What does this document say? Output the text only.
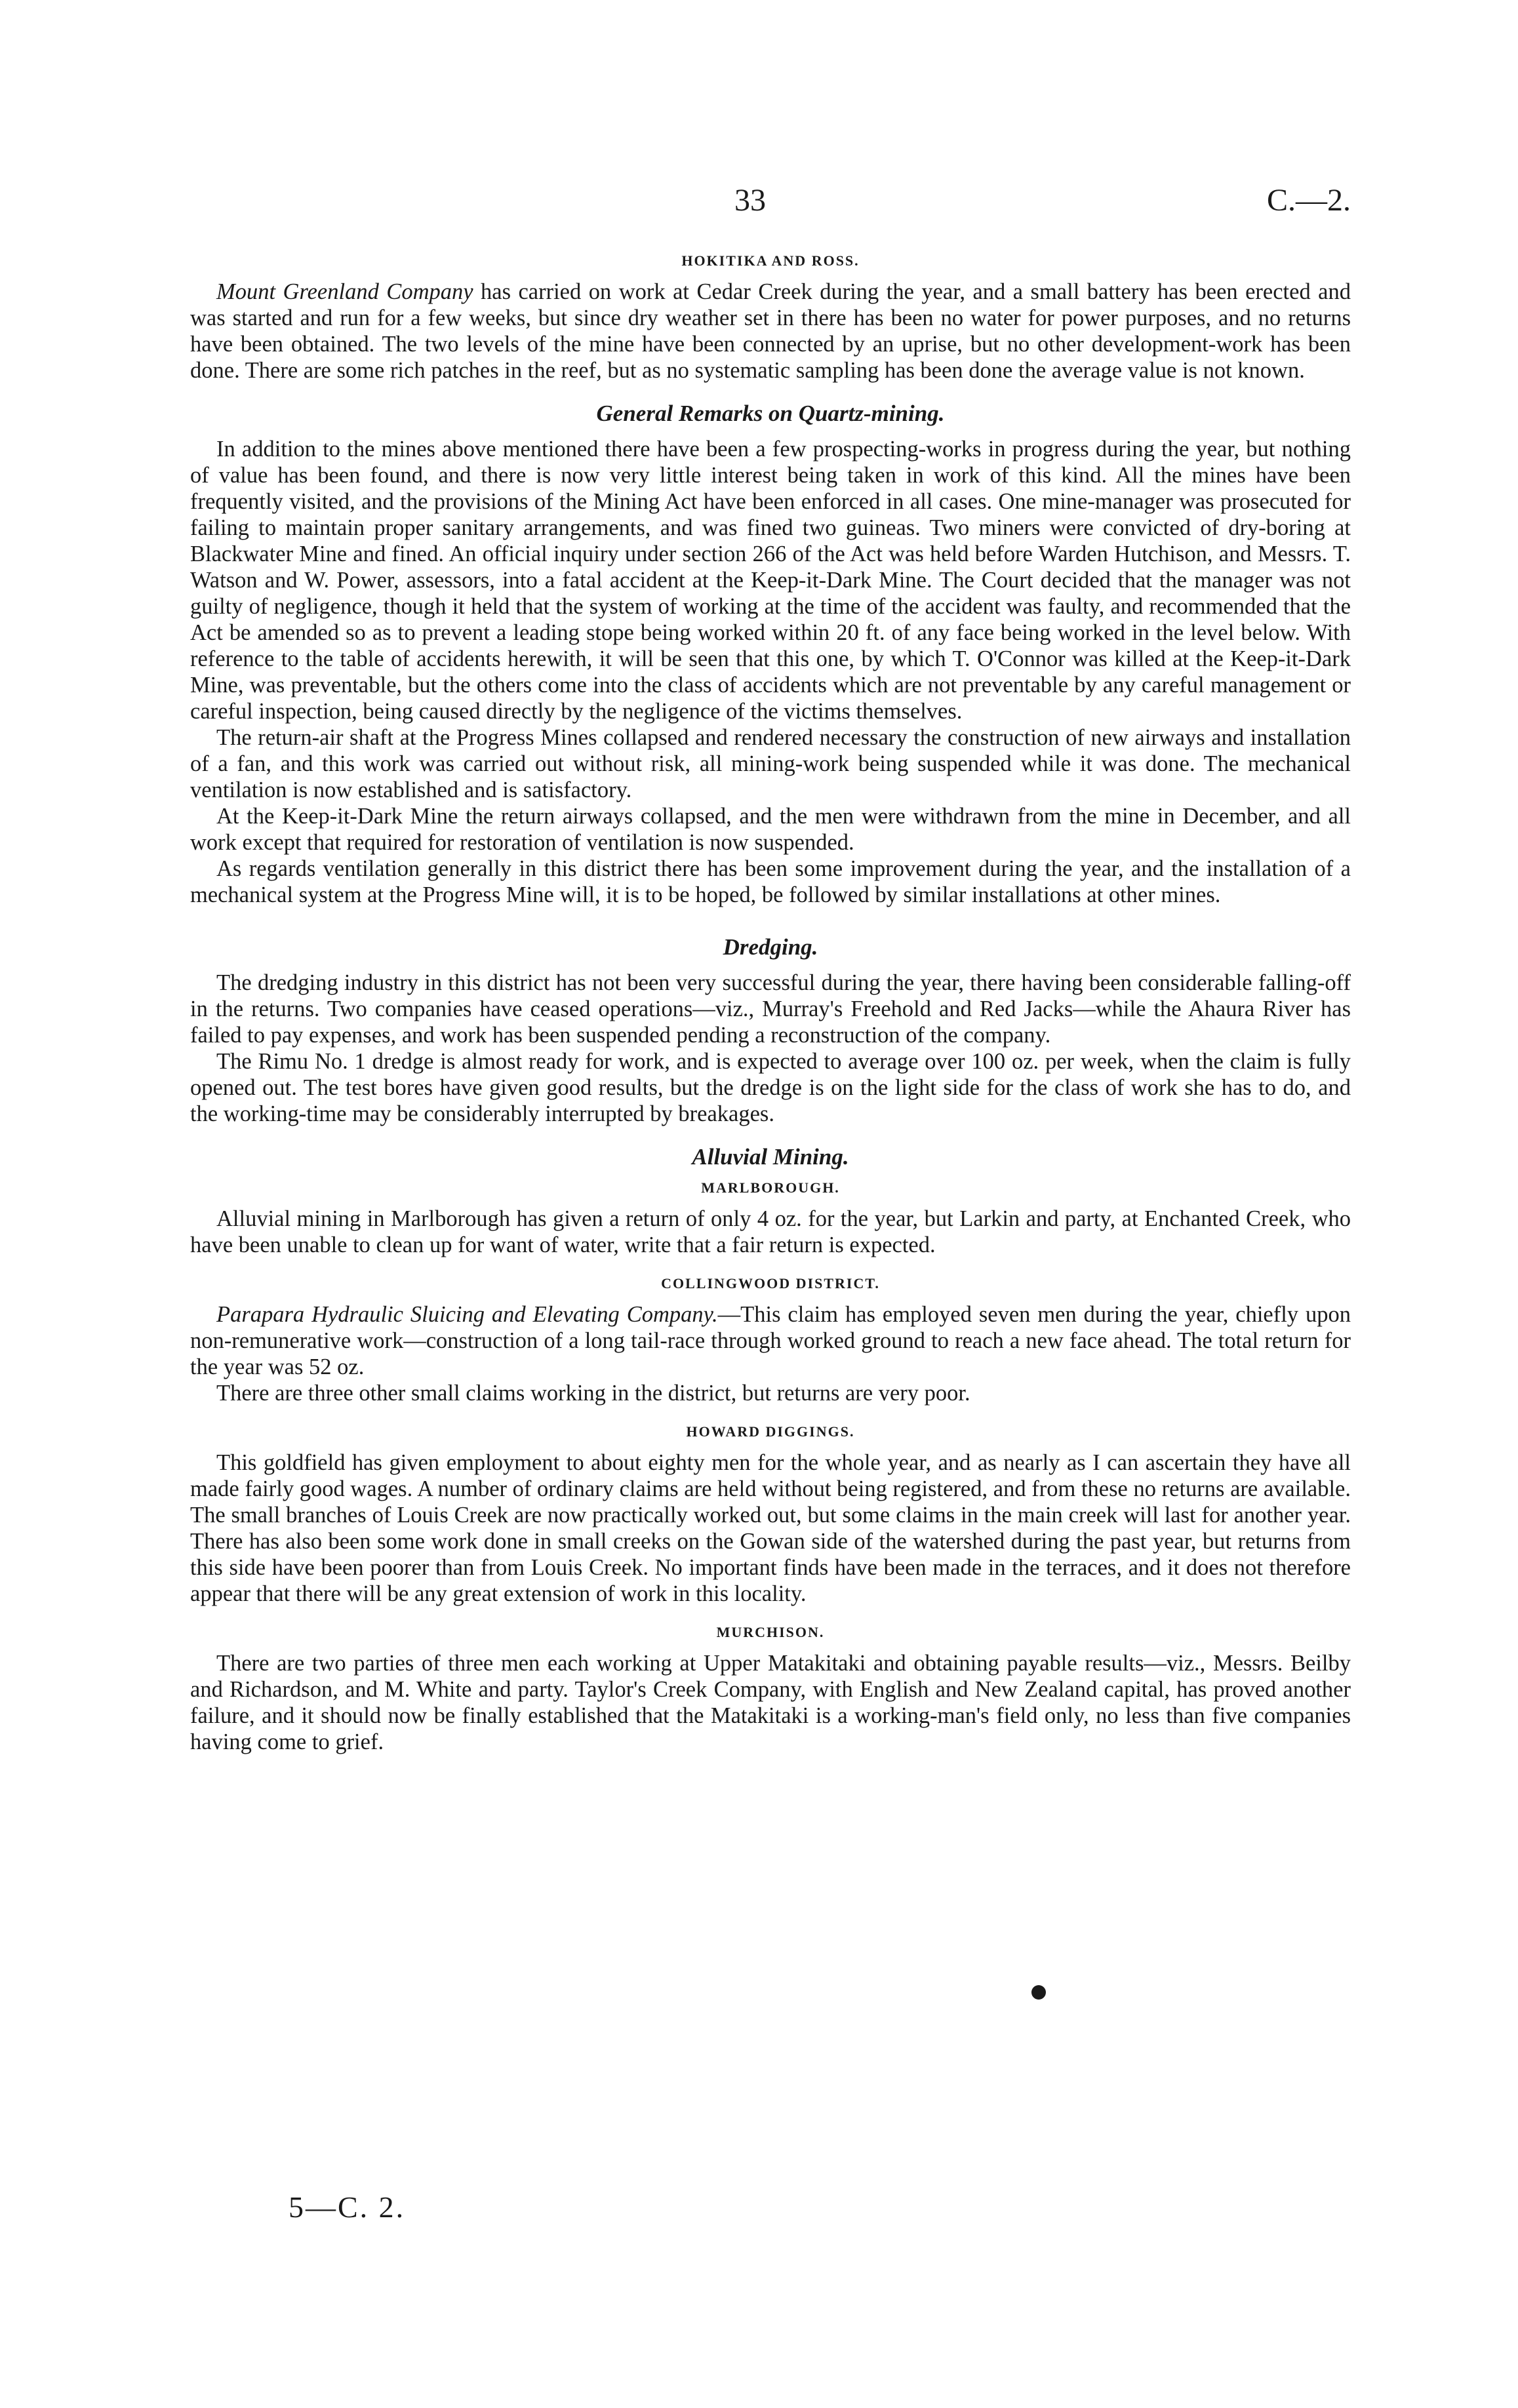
33	C.—2.
HOKITIKA AND ROSS.

Mount Greenland Company has carried on work at Cedar Creek during the year, and a small battery has been erected and was started and run for a few weeks, but since dry weather set in there has been no water for power purposes, and no returns have been obtained. The two levels of the mine have been connected by an uprise, but no other development-work has been done. There are some rich patches in the reef, but as no systematic sampling has been done the average value is not known.

General Remarks on Quartz-mining.

In addition to the mines above mentioned there have been a few prospecting-works in progress during the year, but nothing of value has been found, and there is now very little interest being taken in work of this kind. All the mines have been frequently visited, and the provisions of the Mining Act have been enforced in all cases. One mine-manager was prosecuted for failing to maintain proper sanitary arrangements, and was fined two guineas. Two miners were convicted of dry-boring at Blackwater Mine and fined. An official inquiry under section 266 of the Act was held before Warden Hutchison, and Messrs. T. Watson and W. Power, assessors, into a fatal accident at the Keep-it-Dark Mine. The Court decided that the manager was not guilty of negligence, though it held that the system of working at the time of the accident was faulty, and recommended that the Act be amended so as to prevent a leading stope being worked within 20 ft. of any face being worked in the level below. With reference to the table of accidents herewith, it will be seen that this one, by which T. O'Connor was killed at the Keep-it-Dark Mine, was preventable, but the others come into the class of accidents which are not preventable by any careful management or careful inspection, being caused directly by the negligence of the victims themselves.

The return-air shaft at the Progress Mines collapsed and rendered necessary the construction of new airways and installation of a fan, and this work was carried out without risk, all mining-work being suspended while it was done. The mechanical ventilation is now established and is satisfactory.

At the Keep-it-Dark Mine the return airways collapsed, and the men were withdrawn from the mine in December, and all work except that required for restoration of ventilation is now suspended.

As regards ventilation generally in this district there has been some improvement during the year, and the installation of a mechanical system at the Progress Mine will, it is to be hoped, be followed by similar installations at other mines.

Dredging.

The dredging industry in this district has not been very successful during the year, there having been considerable falling-off in the returns. Two companies have ceased operations—viz., Murray's Freehold and Red Jacks—while the Ahaura River has failed to pay expenses, and work has been suspended pending a reconstruction of the company.

The Rimu No. 1 dredge is almost ready for work, and is expected to average over 100 oz. per week, when the claim is fully opened out. The test bores have given good results, but the dredge is on the light side for the class of work she has to do, and the working-time may be considerably interrupted by breakages.

Alluvial Mining.
MARLBOROUGH.

Alluvial mining in Marlborough has given a return of only 4 oz. for the year, but Larkin and party, at Enchanted Creek, who have been unable to clean up for want of water, write that a fair return is expected.

COLLINGWOOD DISTRICT.

Parapara Hydraulic Sluicing and Elevating Company.—This claim has employed seven men during the year, chiefly upon non-remunerative work—construction of a long tail-race through worked ground to reach a new face ahead. The total return for the year was 52 oz.

There are three other small claims working in the district, but returns are very poor.

HOWARD DIGGINGS.

This goldfield has given employment to about eighty men for the whole year, and as nearly as I can ascertain they have all made fairly good wages. A number of ordinary claims are held without being registered, and from these no returns are available. The small branches of Louis Creek are now practically worked out, but some claims in the main creek will last for another year. There has also been some work done in small creeks on the Gowan side of the watershed during the past year, but returns from this side have been poorer than from Louis Creek. No important finds have been made in the terraces, and it does not therefore appear that there will be any great extension of work in this locality.

MURCHISON.

There are two parties of three men each working at Upper Matakitaki and obtaining payable results—viz., Messrs. Beilby and Richardson, and M. White and party. Taylor's Creek Company, with English and New Zealand capital, has proved another failure, and it should now be finally established that the Matakitaki is a working-man's field only, no less than five companies having come to grief.

5—C. 2.
